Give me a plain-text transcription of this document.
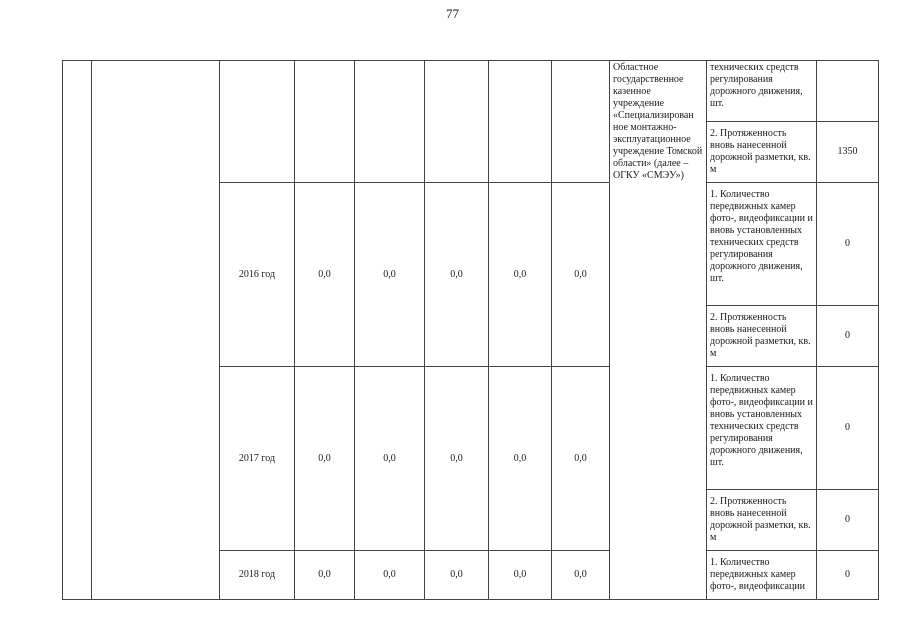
77
								Областное государственное казенное учреждение «Специализирован ное монтажно-эксплуатационное учреждение Томской области» (далее – ОГКУ «СМЭУ»)	технических средств регулирования дорожного движения, шт.	
									2. Протяженность вновь нанесенной дорожной разметки, кв. м	1350
		2016 год	0,0	0,0	0,0	0,0	0,0		1. Количество передвижных камер фото-, видеофиксации и вновь установленных технических средств регулирования дорожного движения, шт.	0
									2. Протяженность вновь нанесенной дорожной разметки, кв. м	0
		2017 год	0,0	0,0	0,0	0,0	0,0		1. Количество передвижных камер фото-, видеофиксации и вновь установленных технических средств регулирования дорожного движения, шт.	0
									2. Протяженность вновь нанесенной дорожной разметки, кв. м	0
		2018 год	0,0	0,0	0,0	0,0	0,0		1. Количество передвижных камер фото-, видеофиксации	0
